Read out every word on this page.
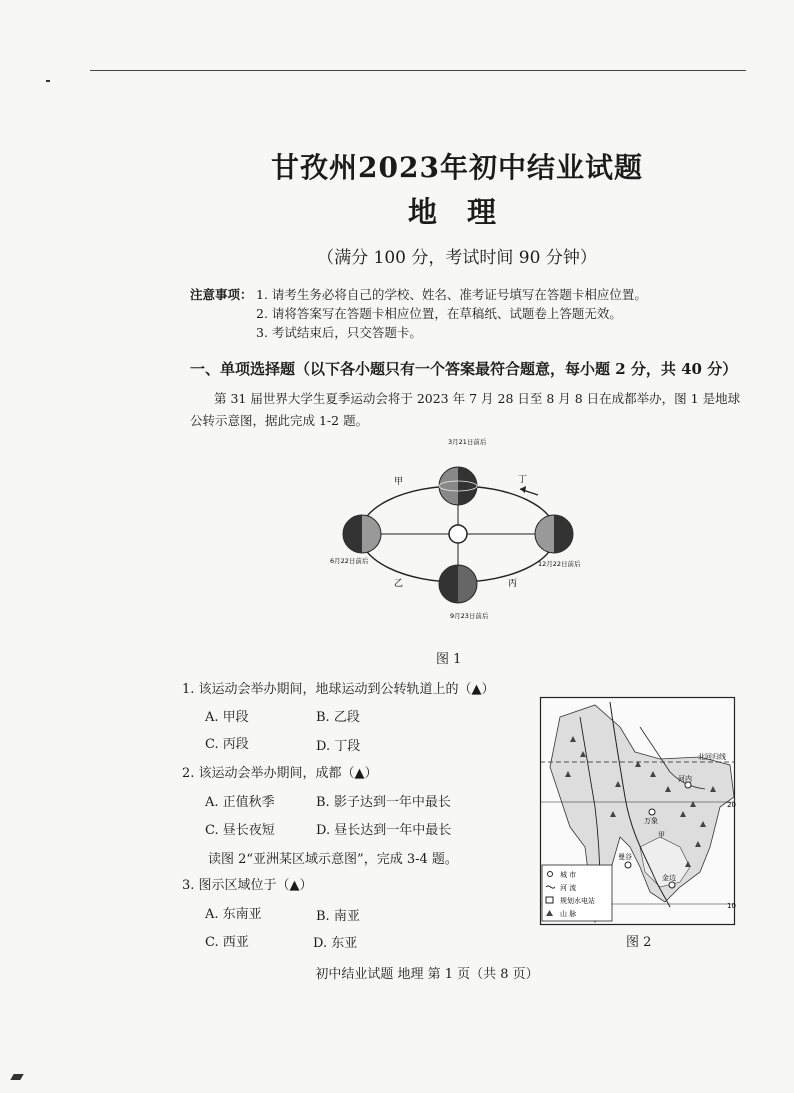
甘孜州2023年初中结业试题
地 理
（满分 100 分，考试时间 90 分钟）
注意事项： 1. 请考生务必将自己的学校、姓名、准考证号填写在答题卡相应位置。
2. 请将答案写在答题卡相应位置，在草稿纸、试题卷上答题无效。
3. 考试结束后，只交答题卡。
一、单项选择题（以下各小题只有一个答案最符合题意，每小题 2 分，共 40 分）
第 31 届世界大学生夏季运动会将于 2023 年 7 月 28 日至 8 月 8 日在成都举办，图 1 是地球公转示意图，据此完成 1-2 题。
3月21日前后
6月22日前后
9月23日前后
12月22日前后
甲
乙	丙
丁
图 1
1. 该运动会举办期间，地球运动到公转轨道上的（▲）
A. 甲段	B. 乙段
C. 丙段	D. 丁段
2. 该运动会举办期间，成都（▲）
A. 正值秋季	B. 影子达到一年中最长
C. 昼长夜短	D. 昼长达到一年中最长
读图 2“亚洲某区域示意图”，完成 3-4 题。
3. 图示区域位于（▲）
A. 东南亚	B. 南亚
C. 西亚	D. 东亚
北回归线
20
10
河内
万象
曼谷
金边
甲
城 市
河 流
规划水电站
山 脉
图 2
初中结业试题 地理 第 1 页（共 8 页）
